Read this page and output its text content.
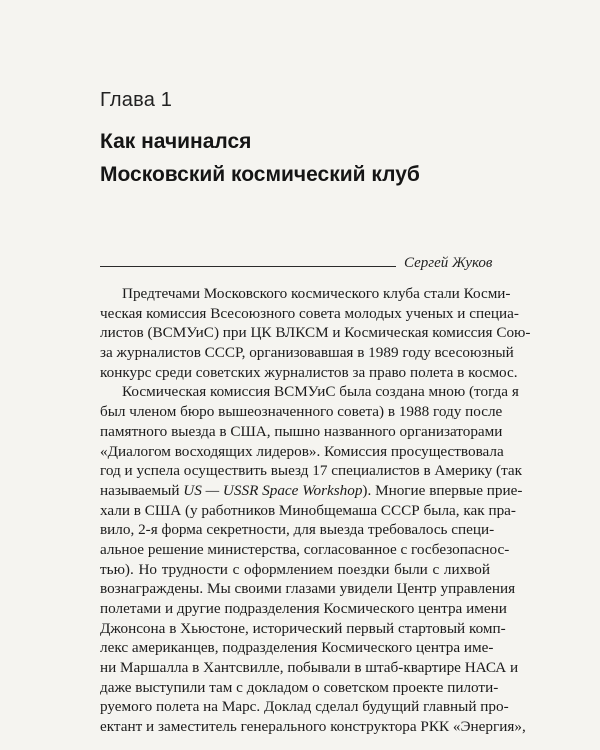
Глава 1
Как начинался
Московский космический клуб
Сергей Жуков
Предтечами Московского космического клуба стали Косми-
ческая комиссия Всесоюзного совета молодых ученых и специа-
листов (ВСМУиС) при ЦК ВЛКСМ и Космическая комиссия Сою-
за журналистов СССР, организовавшая в 1989 году всесоюзный
конкурс среди советских журналистов за право полета в космос.
Космическая комиссия ВСМУиС была создана мною (тогда я
был членом бюро вышеозначенного совета) в 1988 году после
памятного выезда в США, пышно названного организаторами
«Диалогом восходящих лидеров». Комиссия просуществовала
год и успела осуществить выезд 17 специалистов в Америку (так
называемый US — USSR Space Workshop). Многие впервые прие-
хали в США (у работников Минобщемаша СССР была, как пра-
вило, 2-я форма секретности, для выезда требовалось специ-
альное решение министерства, согласованное с госбезопаснос-
тью). Но трудности с оформлением поездки были с лихвой
вознаграждены. Мы своими глазами увидели Центр управления
полетами и другие подразделения Космического центра имени
Джонсона в Хьюстоне, исторический первый стартовый комп-
лекс американцев, подразделения Космического центра име-
ни Маршалла в Хантсвилле, побывали в штаб-квартире НАСА и
даже выступили там с докладом о советском проекте пилоти-
руемого полета на Марс. Доклад сделал будущий главный про-
ектант и заместитель генерального конструктора РКК «Энергия»,
